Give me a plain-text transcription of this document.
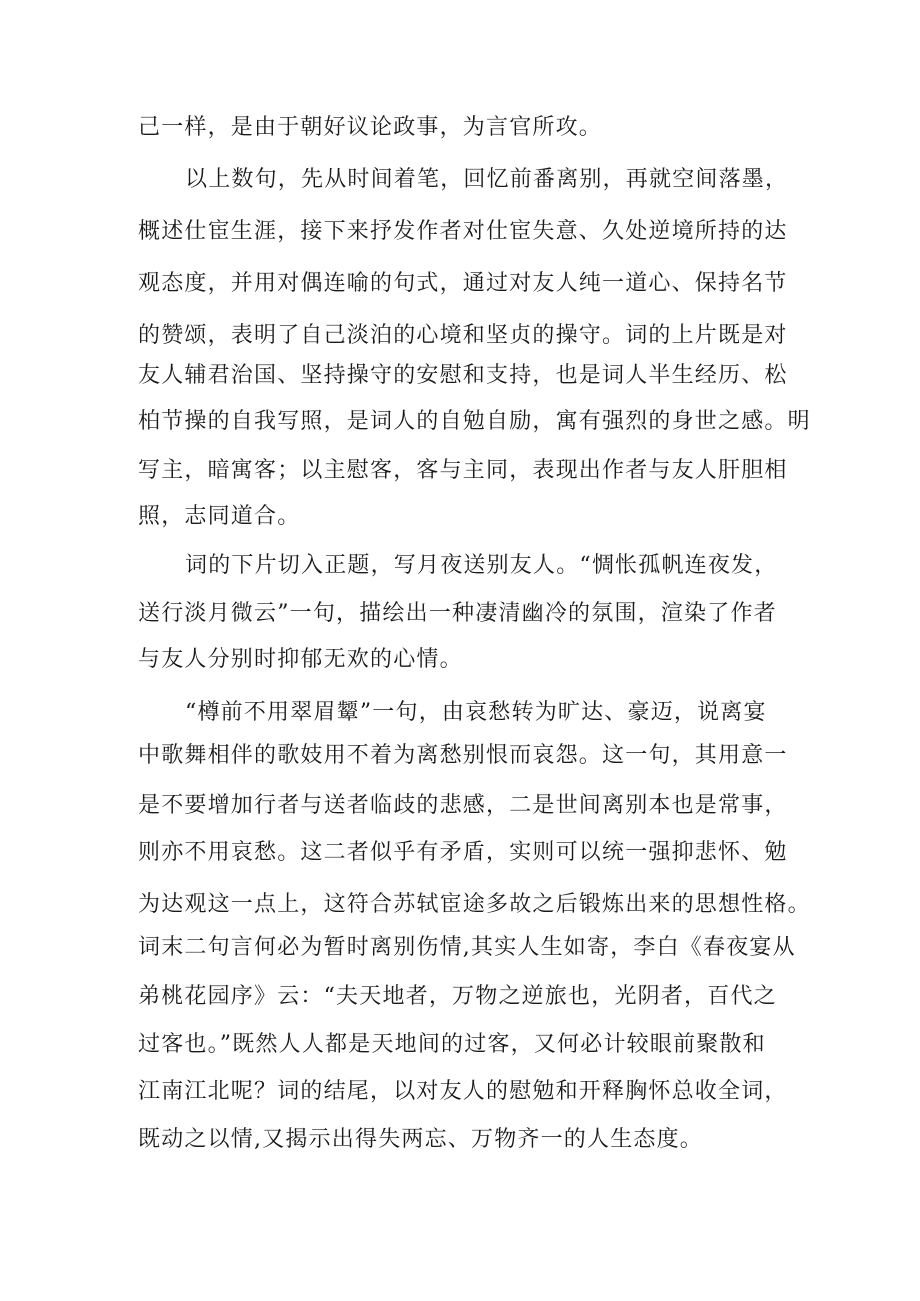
己一样，是由于朝好议论政事，为言官所攻。
以上数句，先从时间着笔，回忆前番离别，再就空间落墨，
概述仕宦生涯，接下来抒发作者对仕宦失意、久处逆境所持的达
观态度，并用对偶连喻的句式，通过对友人纯一道心、保持名节
的赞颂，表明了自己淡泊的心境和坚贞的操守。词的上片既是对
友人辅君治国、坚持操守的安慰和支持，也是词人半生经历、松
柏节操的自我写照，是词人的自勉自励，寓有强烈的身世之感。明
写主，暗寓客；以主慰客，客与主同，表现出作者与友人肝胆相
照，志同道合。
词的下片切入正题，写月夜送别友人。“惆怅孤帆连夜发，
送行淡月微云”一句，描绘出一种凄清幽冷的氛围，渲染了作者
与友人分别时抑郁无欢的心情。
“樽前不用翠眉颦”一句，由哀愁转为旷达、豪迈，说离宴
中歌舞相伴的歌妓用不着为离愁别恨而哀怨。这一句，其用意一
是不要增加行者与送者临歧的悲感，二是世间离别本也是常事，
则亦不用哀愁。这二者似乎有矛盾，实则可以统一强抑悲怀、勉
为达观这一点上，这符合苏轼宦途多故之后锻炼出来的思想性格。
词末二句言何必为暂时离别伤情,其实人生如寄，李白《春夜宴从
弟桃花园序》云：“夫天地者，万物之逆旅也，光阴者，百代之
过客也。”既然人人都是天地间的过客，又何必计较眼前聚散和
江南江北呢？词的结尾，以对友人的慰勉和开释胸怀总收全词，
既动之以情,又揭示出得失两忘、万物齐一的人生态度。
